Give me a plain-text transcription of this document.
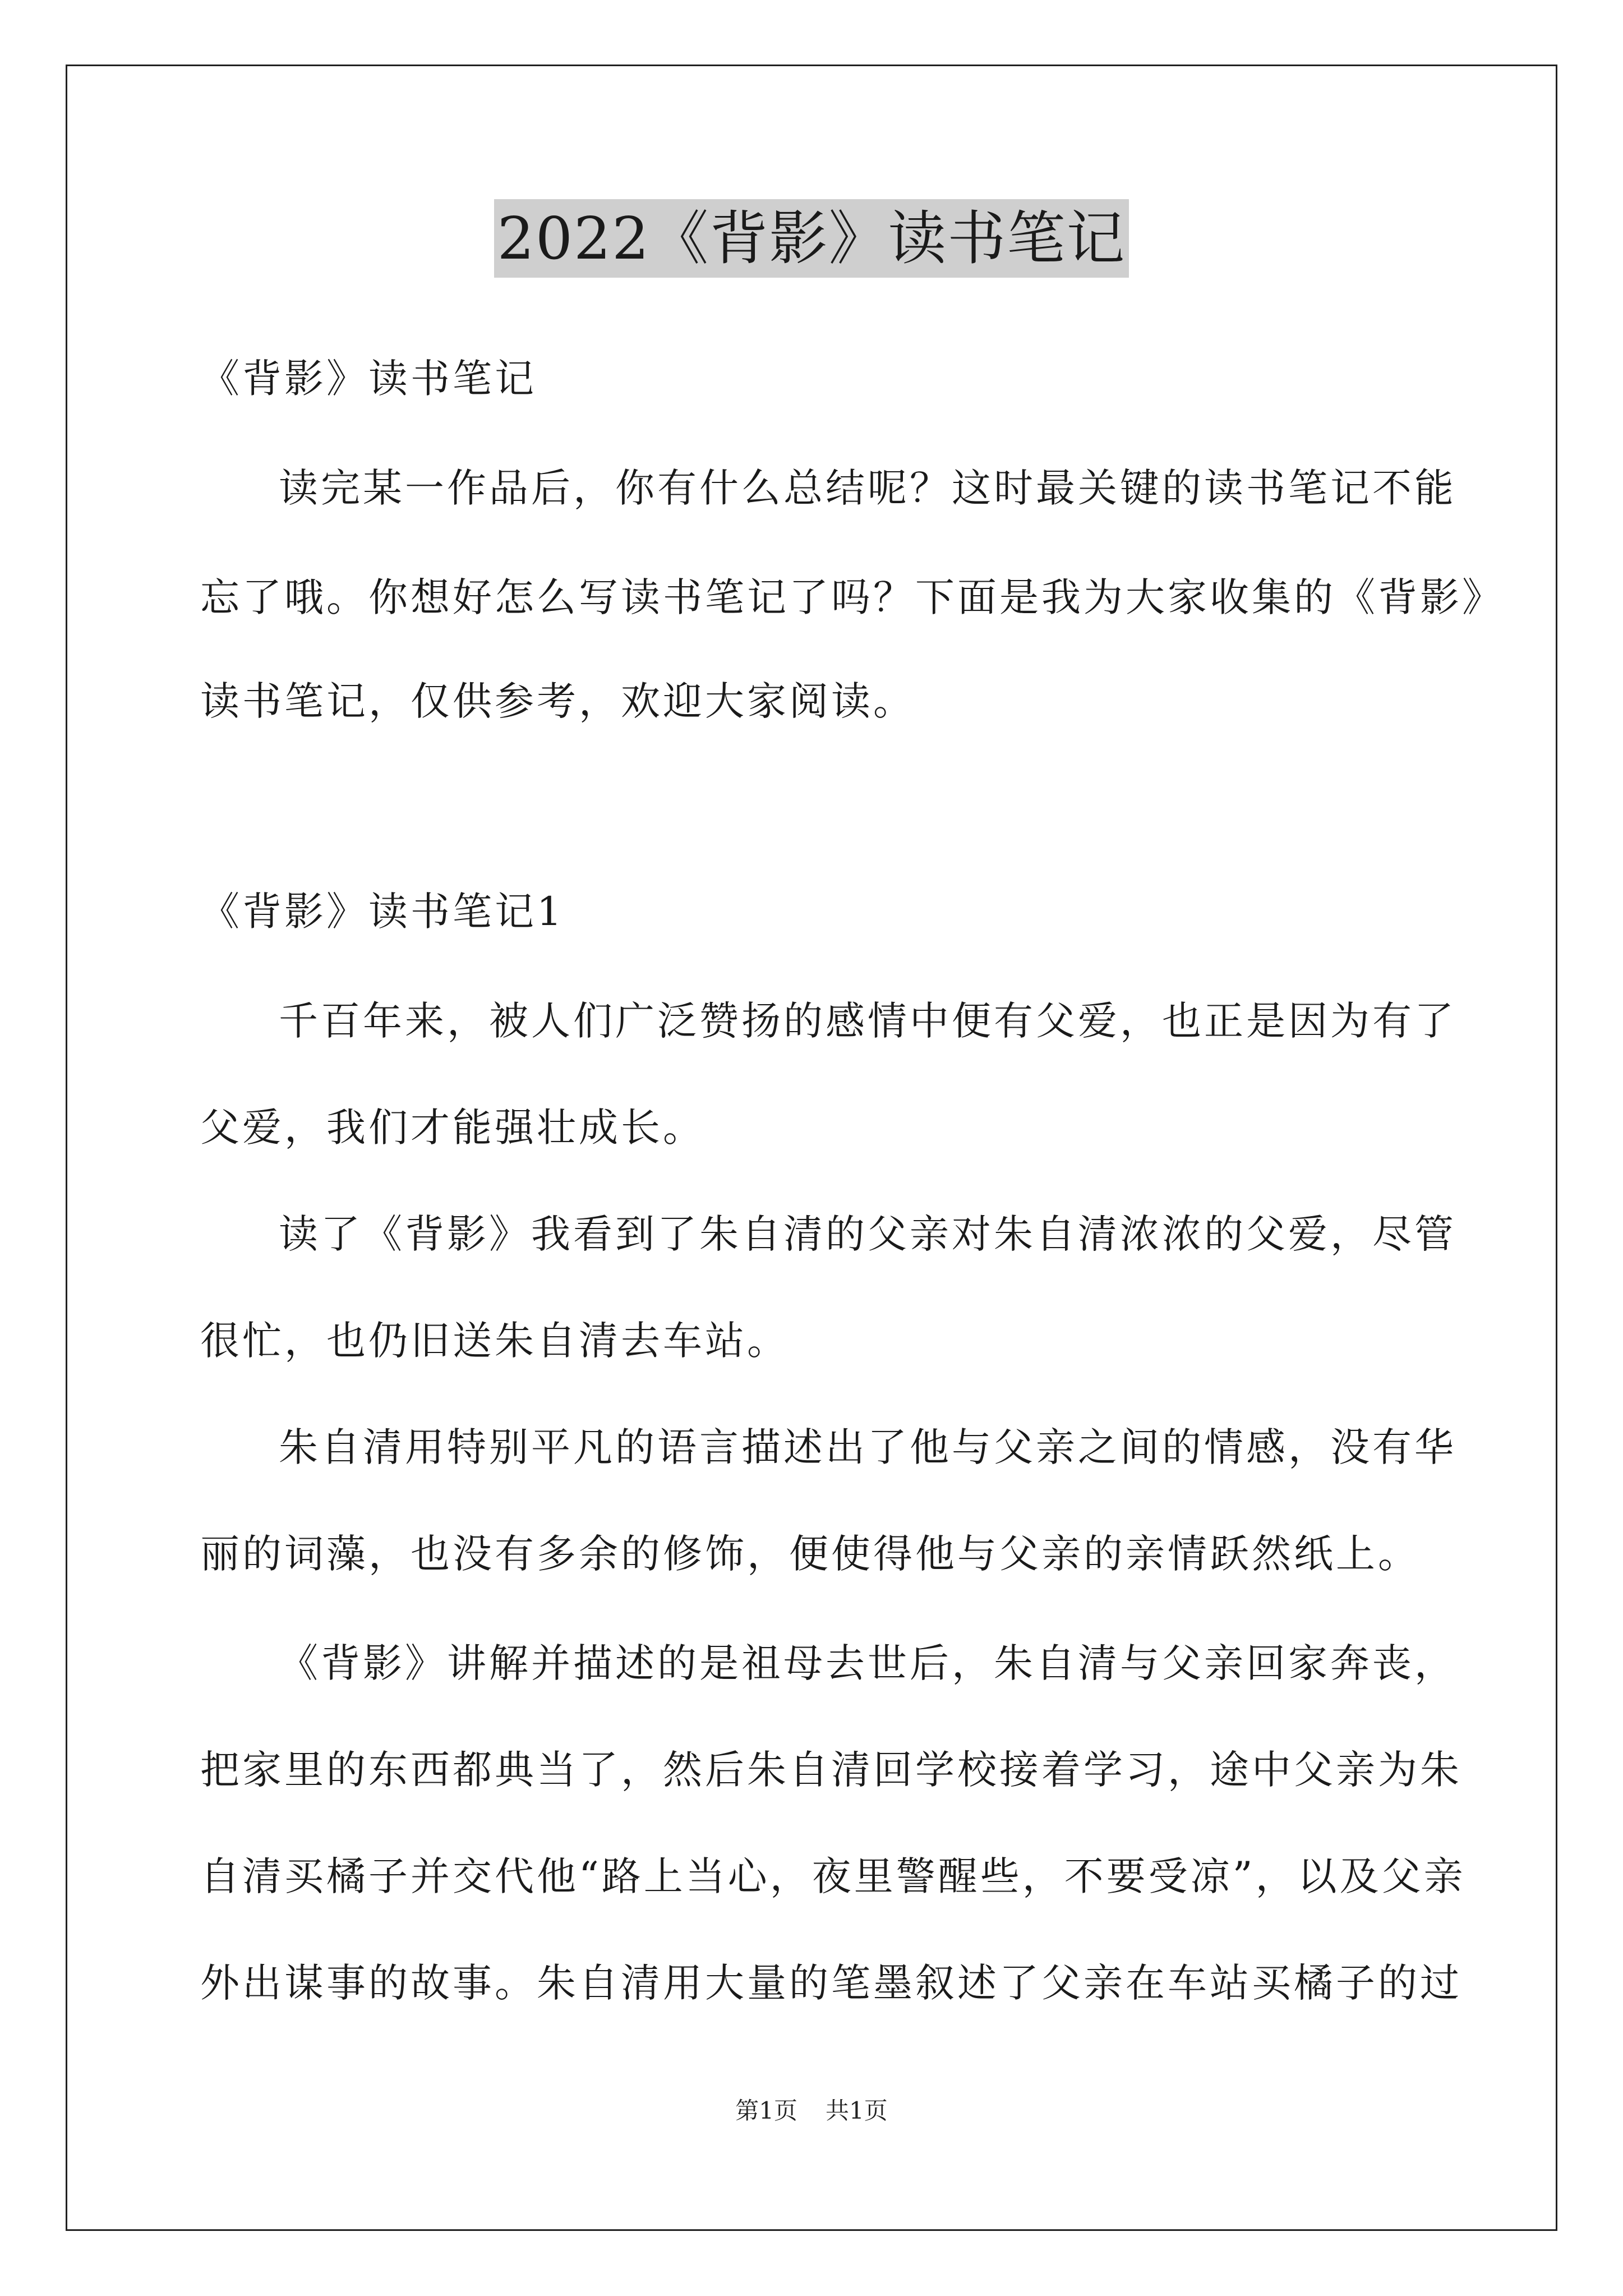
2022《背影》读书笔记
《背影》读书笔记
读完某一作品后，你有什么总结呢？这时最关键的读书笔记不能
忘了哦。你想好怎么写读书笔记了吗？下面是我为大家收集的《背影》
读书笔记，仅供参考，欢迎大家阅读。
《背影》读书笔记1
千百年来，被人们广泛赞扬的感情中便有父爱，也正是因为有了
父爱，我们才能强壮成长。
读了《背影》我看到了朱自清的父亲对朱自清浓浓的父爱，尽管
很忙，也仍旧送朱自清去车站。
朱自清用特别平凡的语言描述出了他与父亲之间的情感，没有华
丽的词藻，也没有多余的修饰，便使得他与父亲的亲情跃然纸上。
《背影》讲解并描述的是祖母去世后，朱自清与父亲回家奔丧，
把家里的东西都典当了，然后朱自清回学校接着学习，途中父亲为朱
自清买橘子并交代他“路上当心，夜里警醒些，不要受凉”，以及父亲
外出谋事的故事。朱自清用大量的笔墨叙述了父亲在车站买橘子的过
第1页 共1页
